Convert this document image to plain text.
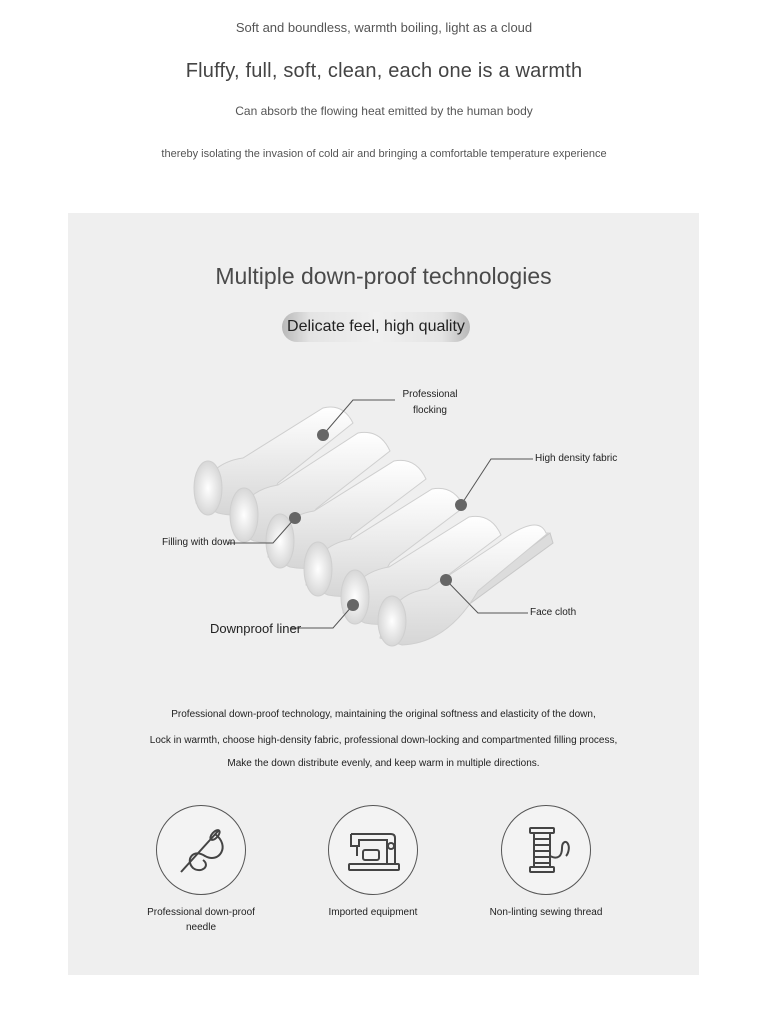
Soft and boundless, warmth boiling, light as a cloud
Fluffy, full, soft, clean, each one is a warmth
Can absorb the flowing heat emitted by the human body
thereby isolating the invasion of cold air and bringing a comfortable temperature experience
Multiple down-proof technologies
Delicate feel, high quality
Professional
flocking
High density fabric
Filling with down
Downproof liner
Face cloth
Professional down-proof technology, maintaining the original softness and elasticity of the down,
Lock in warmth, choose high-density fabric, professional down-locking and compartmented filling process,
Make the down distribute evenly, and keep warm in multiple directions.
Professional down-proof
needle
Imported equipment	Non-linting sewing thread
